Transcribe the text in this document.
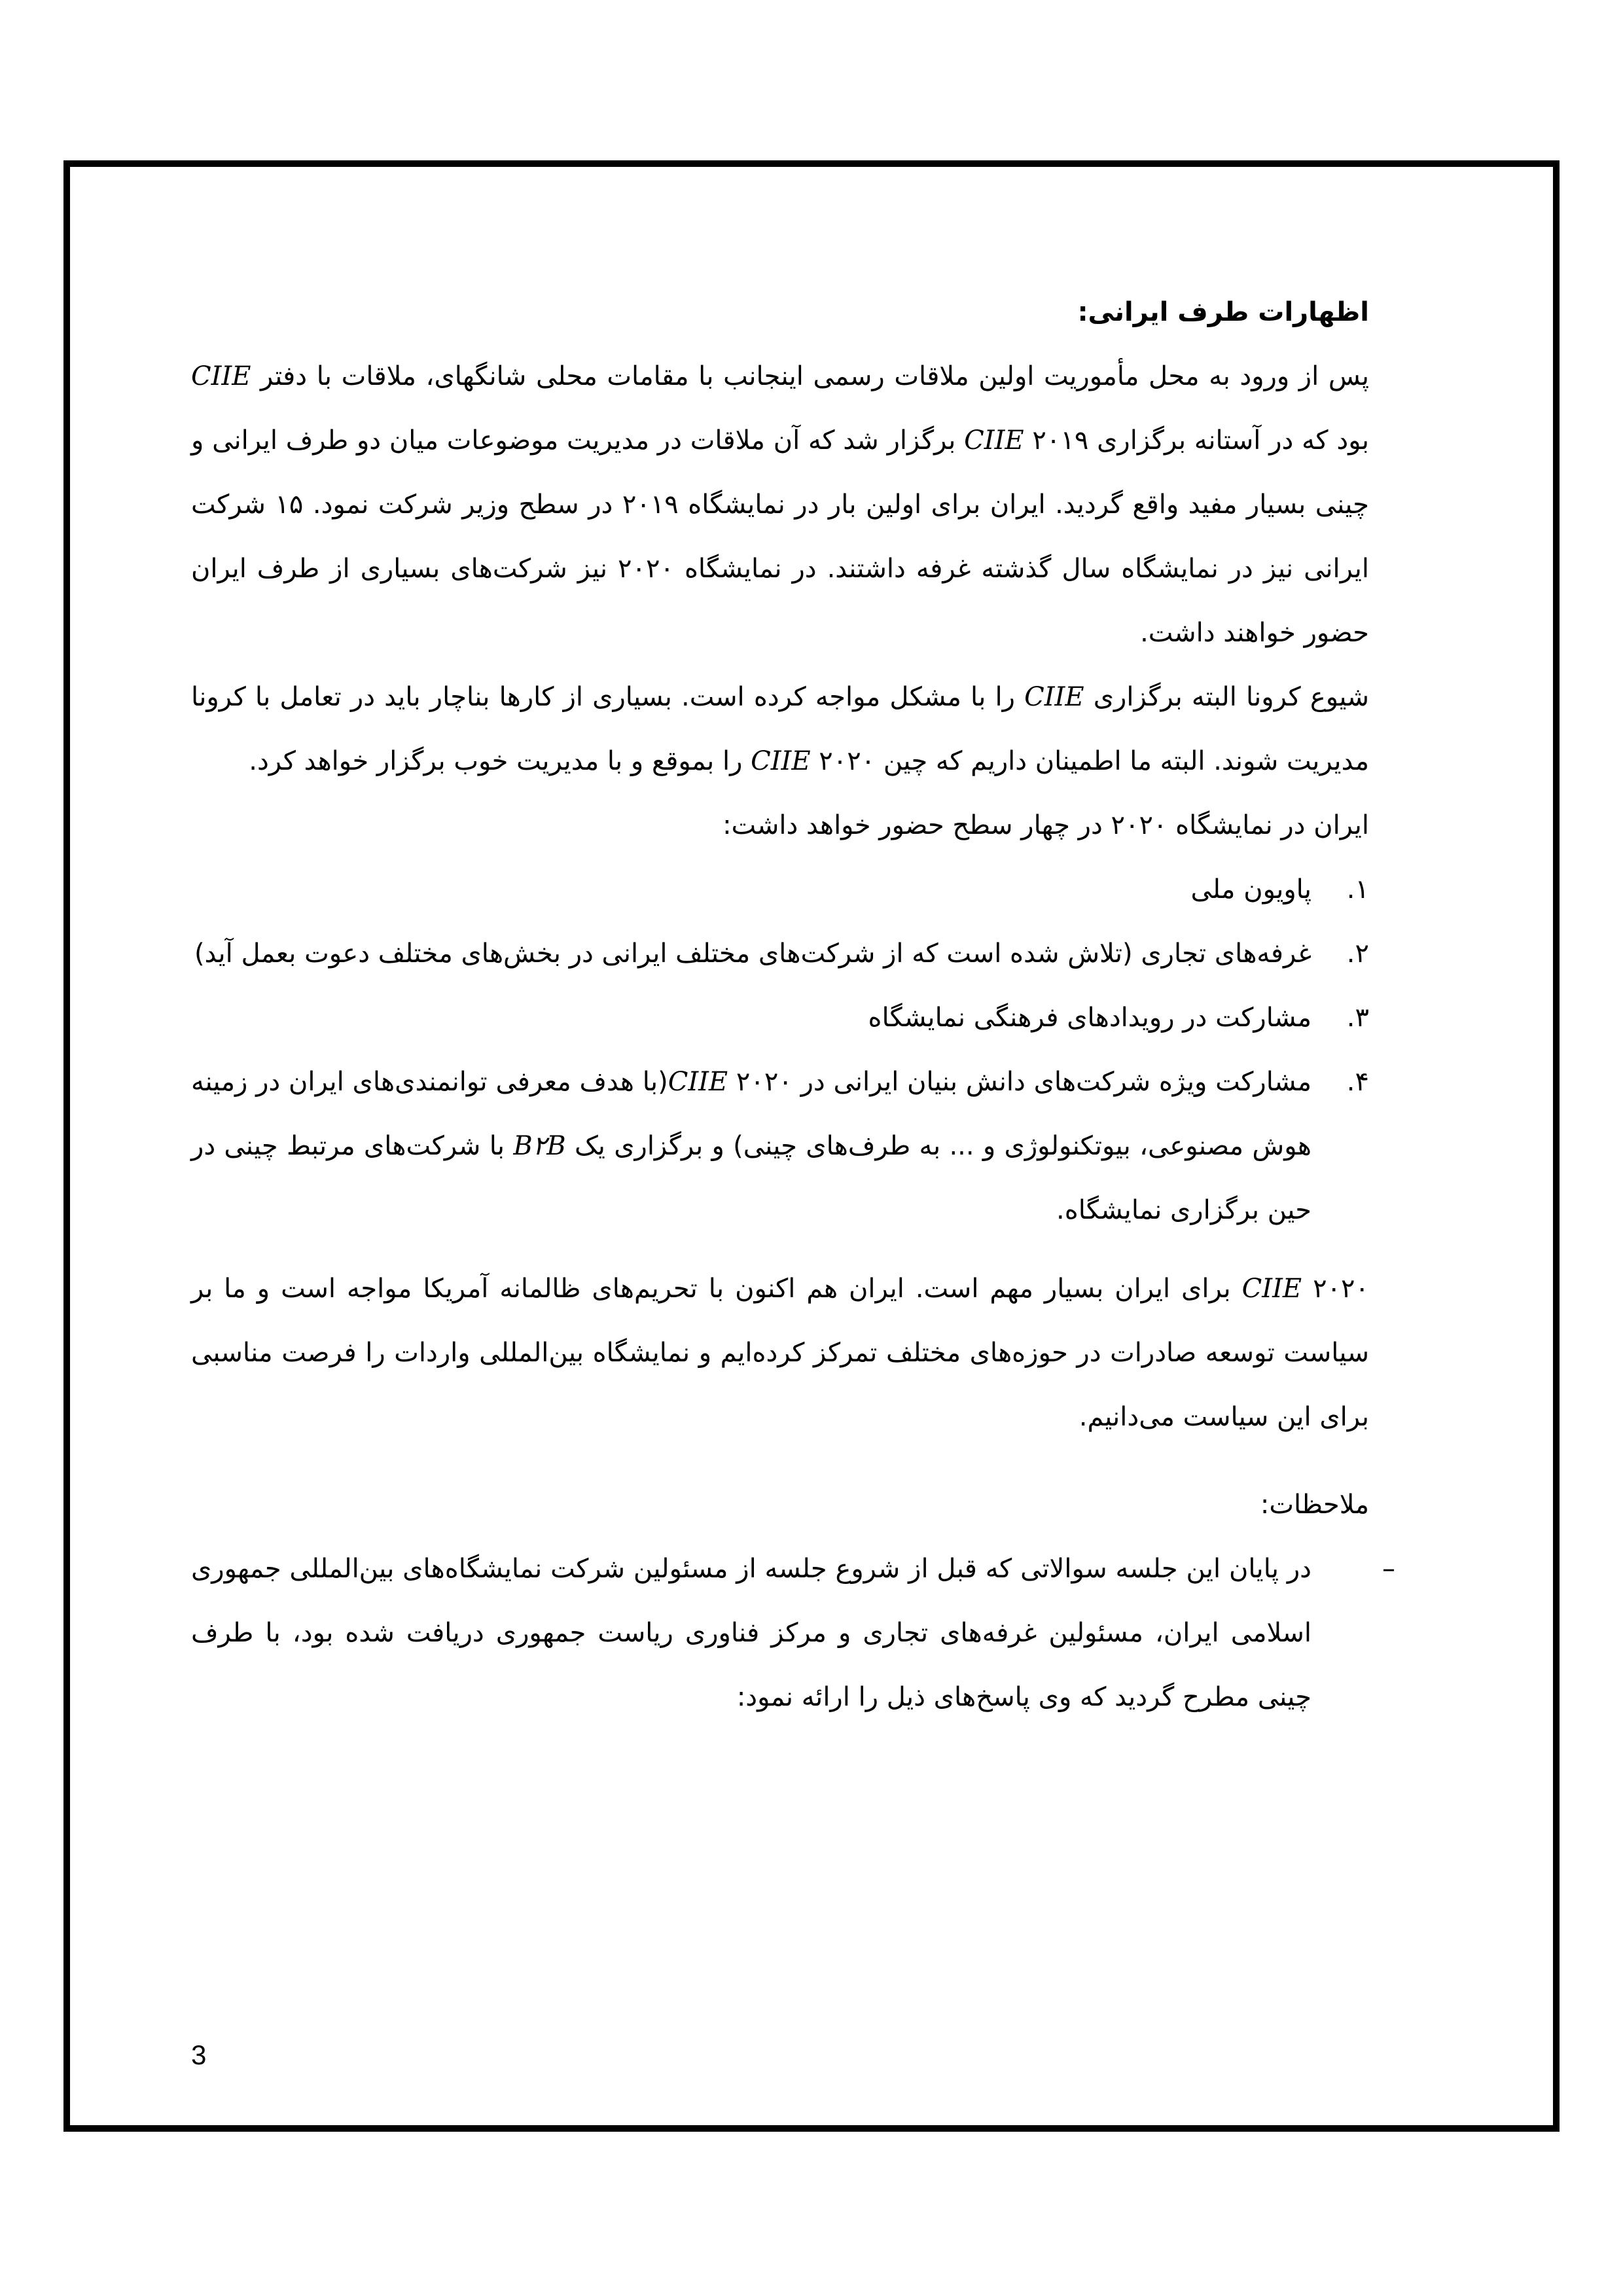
اظهارات طرف ایرانی:

پس از ورود به محل مأموریت اولین ملاقات رسمی اینجانب با مقامات محلی شانگهای، ملاقات با دفتر CIIE بود که در آستانه برگزاری ۲۰۱۹ CIIE برگزار شد که آن ملاقات در مدیریت موضوعات میان دو طرف ایرانی و چینی بسیار مفید واقع گردید. ایران برای اولین بار در نمایشگاه ۲۰۱۹ در سطح وزیر شرکت نمود. ۱۵ شرکت ایرانی نیز در نمایشگاه سال گذشته غرفه داشتند. در نمایشگاه ۲۰۲۰ نیز شرکت‌های بسیاری از طرف ایران حضور خواهند داشت.

شیوع کرونا البته برگزاری CIIE را با مشکل مواجه کرده است. بسیاری از کارها بناچار باید در تعامل با کرونا مدیریت شوند. البته ما اطمینان داریم که چین ۲۰۲۰ CIIE را بموقع و با مدیریت خوب برگزار خواهد کرد.

ایران در نمایشگاه ۲۰۲۰ در چهار سطح حضور خواهد داشت:

۱.
پاویون ملی
۲.
غرفه‌های تجاری (تلاش شده است که از شرکت‌های مختلف ایرانی در بخش‌های مختلف دعوت بعمل آید)
۳.
مشارکت در رویدادهای فرهنگی نمایشگاه
۴.
مشارکت ویژه شرکت‌های دانش بنیان ایرانی در ۲۰۲۰ CIIE(با هدف معرفی توانمندی‌های ایران در زمینه هوش مصنوعی، بیوتکنولوژی و ... به طرف‌های چینی) و برگزاری یک B۲B با شرکت‌های مرتبط چینی در حین برگزاری نمایشگاه.

۲۰۲۰ CIIE برای ایران بسیار مهم است. ایران هم اکنون با تحریم‌های ظالمانه آمریکا مواجه است و ما بر سیاست توسعه صادرات در حوزه‌های مختلف تمرکز کرده‌ایم و نمایشگاه بین‌المللی واردات را فرصت مناسبی برای این سیاست می‌دانیم.

ملاحظات:

–
در پایان این جلسه سوالاتی که قبل از شروع جلسه از مسئولین شرکت نمایشگاه‌های بین‌المللی جمهوری اسلامی ایران، مسئولین غرفه‌های تجاری و مرکز فناوری ریاست جمهوری دریافت شده بود، با طرف چینی مطرح گردید که وی پاسخ‌های ذیل را ارائه نمود:
3
